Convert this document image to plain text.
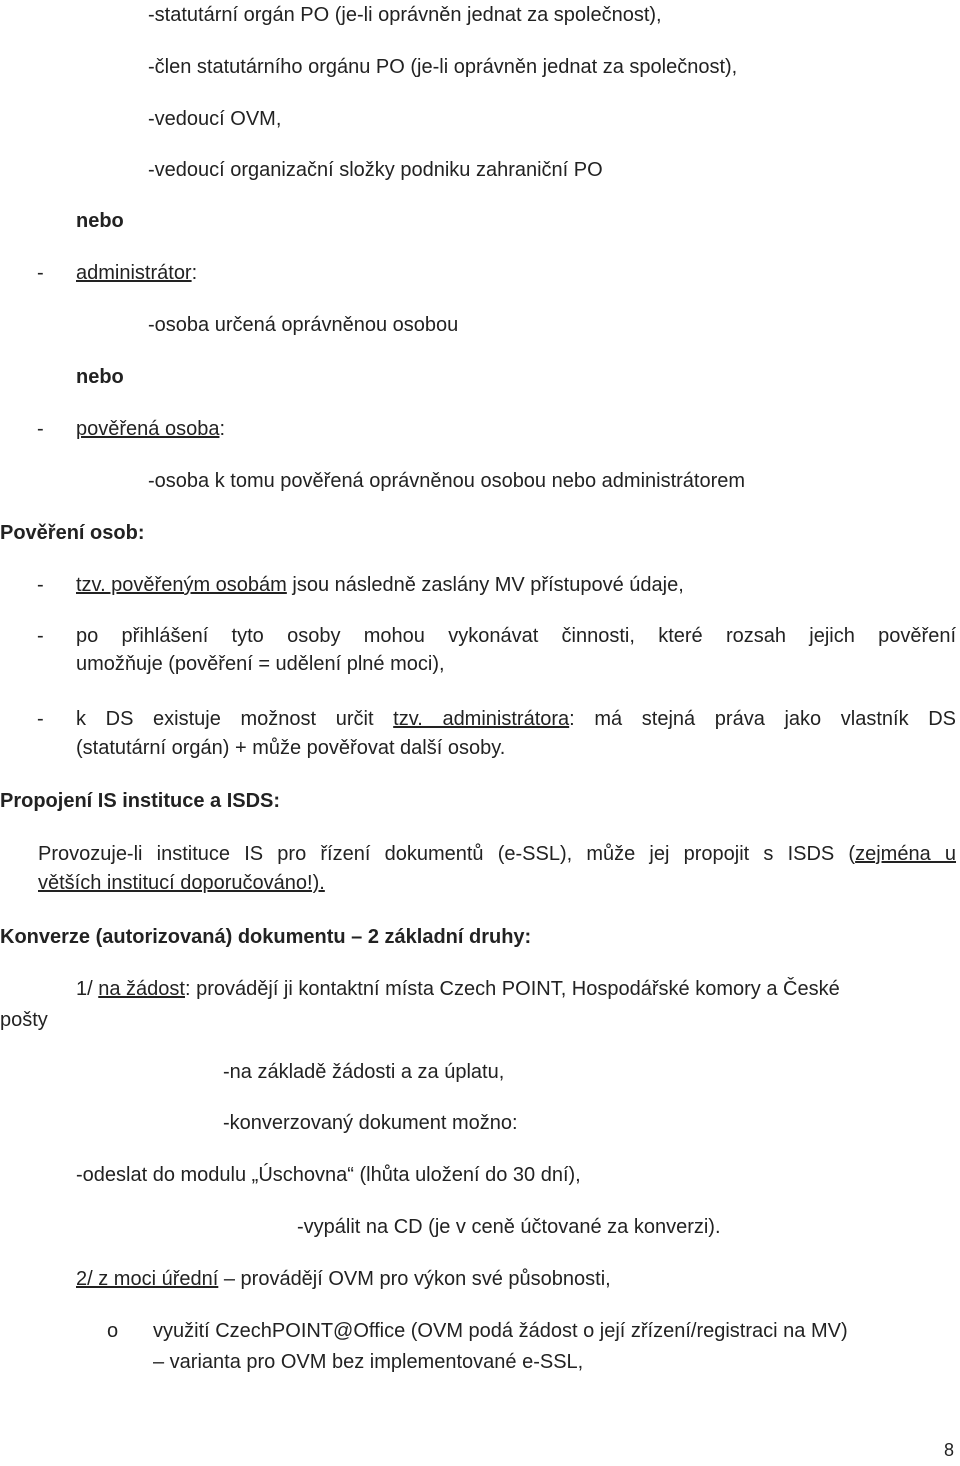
-statutární orgán PO (je-li oprávněn jednat za společnost),
-člen statutárního orgánu PO (je-li oprávněn jednat za společnost),
-vedoucí OVM,
-vedoucí organizační složky podniku zahraniční PO
nebo
- administrátor:
-osoba určená oprávněnou osobou
nebo
- pověřená osoba:
-osoba k tomu pověřená oprávněnou osobou nebo administrátorem
Pověření osob:
- tzv. pověřeným osobám jsou následně zaslány MV přístupové údaje,
- po přihlášení tyto osoby mohou vykonávat činnosti, které rozsah jejich pověření
umožňuje (pověření = udělení plné moci),
- k DS existuje možnost určit tzv. administrátora: má stejná práva jako vlastník DS
(statutární orgán) + může pověřovat další osoby.
Propojení IS instituce a ISDS:
Provozuje-li instituce IS pro řízení dokumentů (e-SSL), může jej propojit s ISDS (zejména u
větších institucí doporučováno!).
Konverze (autorizovaná) dokumentu – 2 základní druhy:
1/ na žádost: provádějí ji kontaktní místa Czech POINT, Hospodářské komory a České
pošty
-na základě žádosti a za úplatu,
-konverzovaný dokument možno:
-odeslat do modulu „Úschovna“ (lhůta uložení do 30 dní),
-vypálit na CD (je v ceně účtované za konverzi).
2/ z moci úřední – provádějí OVM pro výkon své působnosti,
o využití CzechPOINT@Office (OVM podá žádost o její zřízení/registraci na MV)
– varianta pro OVM bez implementované e-SSL,
8
